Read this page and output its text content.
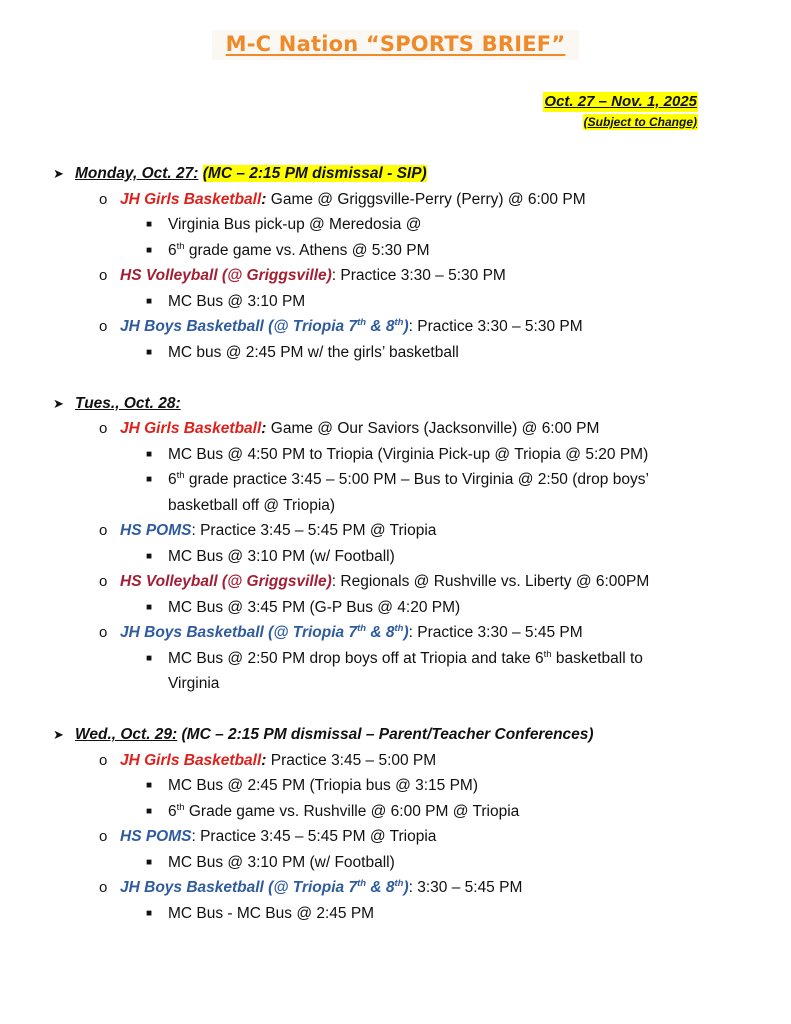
M-C Nation “SPORTS BRIEF”
Oct. 27 – Nov. 1, 2025
(Subject to Change)
➤ Monday, Oct. 27: (MC – 2:15 PM dismissal - SIP)
o JH Girls Basketball: Game @ Griggsville-Perry (Perry) @ 6:00 PM
■ Virginia Bus pick-up @ Meredosia @
■ 6th grade game vs. Athens @ 5:30 PM
o HS Volleyball (@ Griggsville): Practice 3:30 – 5:30 PM
■ MC Bus @ 3:10 PM
o JH Boys Basketball (@ Triopia 7th & 8th): Practice 3:30 – 5:30 PM
■ MC bus @ 2:45 PM w/ the girls’ basketball
➤ Tues., Oct. 28:
o JH Girls Basketball: Game @ Our Saviors (Jacksonville) @ 6:00 PM
■ MC Bus @ 4:50 PM to Triopia (Virginia Pick-up @ Triopia @ 5:20 PM)
■ 6th grade practice 3:45 – 5:00 PM – Bus to Virginia @ 2:50 (drop boys’
basketball off @ Triopia)
o HS POMS: Practice 3:45 – 5:45 PM @ Triopia
■ MC Bus @ 3:10 PM (w/ Football)
o HS Volleyball (@ Griggsville): Regionals @ Rushville vs. Liberty @ 6:00PM
■ MC Bus @ 3:45 PM (G-P Bus @ 4:20 PM)
o JH Boys Basketball (@ Triopia 7th & 8th): Practice 3:30 – 5:45 PM
■ MC Bus @ 2:50 PM drop boys off at Triopia and take 6th basketball to
Virginia
➤ Wed., Oct. 29: (MC – 2:15 PM dismissal – Parent/Teacher Conferences)
o JH Girls Basketball: Practice 3:45 – 5:00 PM
■ MC Bus @ 2:45 PM (Triopia bus @ 3:15 PM)
■ 6th Grade game vs. Rushville @ 6:00 PM @ Triopia
o HS POMS: Practice 3:45 – 5:45 PM @ Triopia
■ MC Bus @ 3:10 PM (w/ Football)
o JH Boys Basketball (@ Triopia 7th & 8th): 3:30 – 5:45 PM
■ MC Bus - MC Bus @ 2:45 PM
